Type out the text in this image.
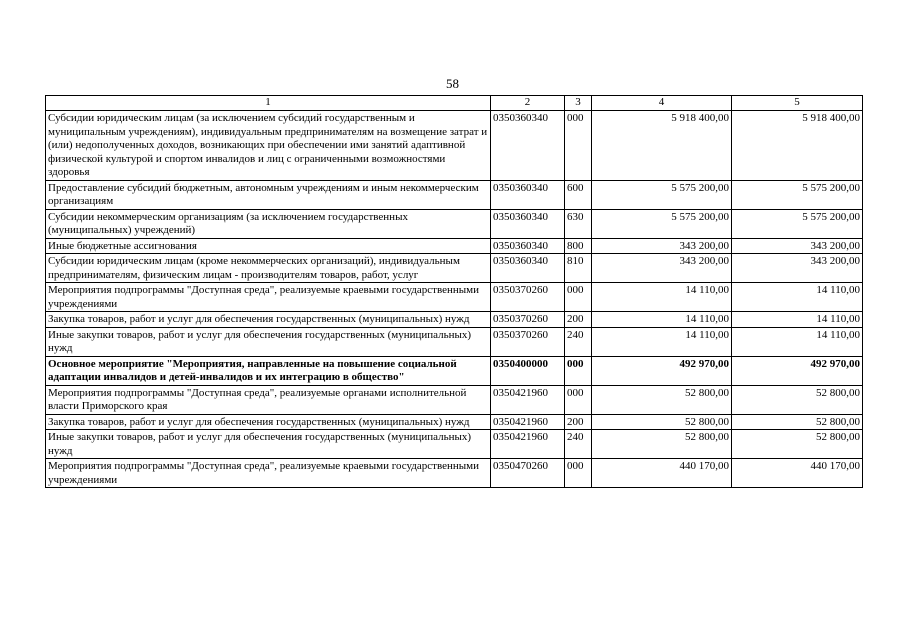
58
1	2	3	4	5
Субсидии юридическим лицам (за исключением субсидий государственным и муниципальным учреждениям), индивидуальным предпринимателям на возмещение затрат и (или) недополученных доходов, возникающих при обеспечении ими занятий адаптивной физической культурой и спортом инвалидов и лиц с ограниченными возможностями здоровья	0350360340	000	5 918 400,00	5 918 400,00
Предоставление субсидий бюджетным, автономным учреждениям и иным некоммерческим организациям	0350360340	600	5 575 200,00	5 575 200,00
Субсидии некоммерческим организациям (за исключением государственных (муниципальных) учреждений)	0350360340	630	5 575 200,00	5 575 200,00
Иные бюджетные ассигнования	0350360340	800	343 200,00	343 200,00
Субсидии юридическим лицам (кроме некоммерческих организаций), индивидуальным предпринимателям, физическим лицам - производителям товаров, работ, услуг	0350360340	810	343 200,00	343 200,00
Мероприятия подпрограммы "Доступная среда", реализуемые краевыми государственными учреждениями	0350370260	000	14 110,00	14 110,00
Закупка товаров, работ и услуг для обеспечения государственных (муниципальных) нужд	0350370260	200	14 110,00	14 110,00
Иные закупки товаров, работ и услуг для обеспечения государственных (муниципальных) нужд	0350370260	240	14 110,00	14 110,00
Основное мероприятие "Мероприятия, направленные на повышение социальной адаптации инвалидов и детей-инвалидов и их интеграцию в общество"	0350400000	000	492 970,00	492 970,00
Мероприятия подпрограммы "Доступная среда", реализуемые органами исполнительной власти Приморского края	0350421960	000	52 800,00	52 800,00
Закупка товаров, работ и услуг для обеспечения государственных (муниципальных) нужд	0350421960	200	52 800,00	52 800,00
Иные закупки товаров, работ и услуг для обеспечения государственных (муниципальных) нужд	0350421960	240	52 800,00	52 800,00
Мероприятия подпрограммы "Доступная среда", реализуемые краевыми государственными учреждениями	0350470260	000	440 170,00	440 170,00
